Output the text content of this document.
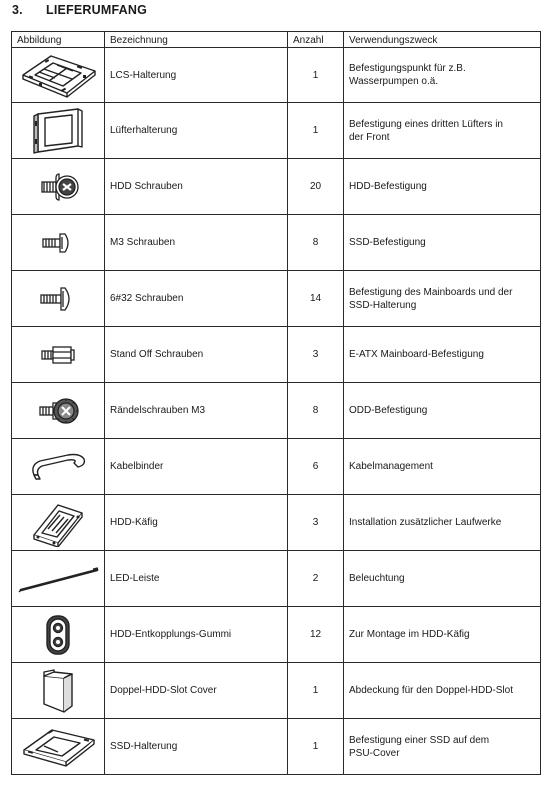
3. LIEFERUMFANG
Abbildung	Bezeichnung	Anzahl	Verwendungszweck

	LCS-Halterung	1	Befestigungspunkt für z.B.
Wasserpumpen o.ä.

	Lüfterhalterung	1	Befestigung eines dritten Lüfters in
der Front

	HDD Schrauben	20	HDD-Befestigung

	M3 Schrauben	8	SSD-Befestigung

	6#32 Schrauben	14	Befestigung des Mainboards und der
SSD-Halterung

	Stand Off Schrauben	3	E-ATX Mainboard-Befestigung

	Rändelschrauben M3	8	ODD-Befestigung

	Kabelbinder	6	Kabelmanagement

	HDD-Käfig	3	Installation zusätzlicher Laufwerke

	LED-Leiste	2	Beleuchtung

	HDD-Entkopplungs-Gummi	12	Zur Montage im HDD-Käfig

	Doppel-HDD-Slot Cover	1	Abdeckung für den Doppel-HDD-Slot

	SSD-Halterung	1	Befestigung einer SSD auf dem
PSU-Cover
